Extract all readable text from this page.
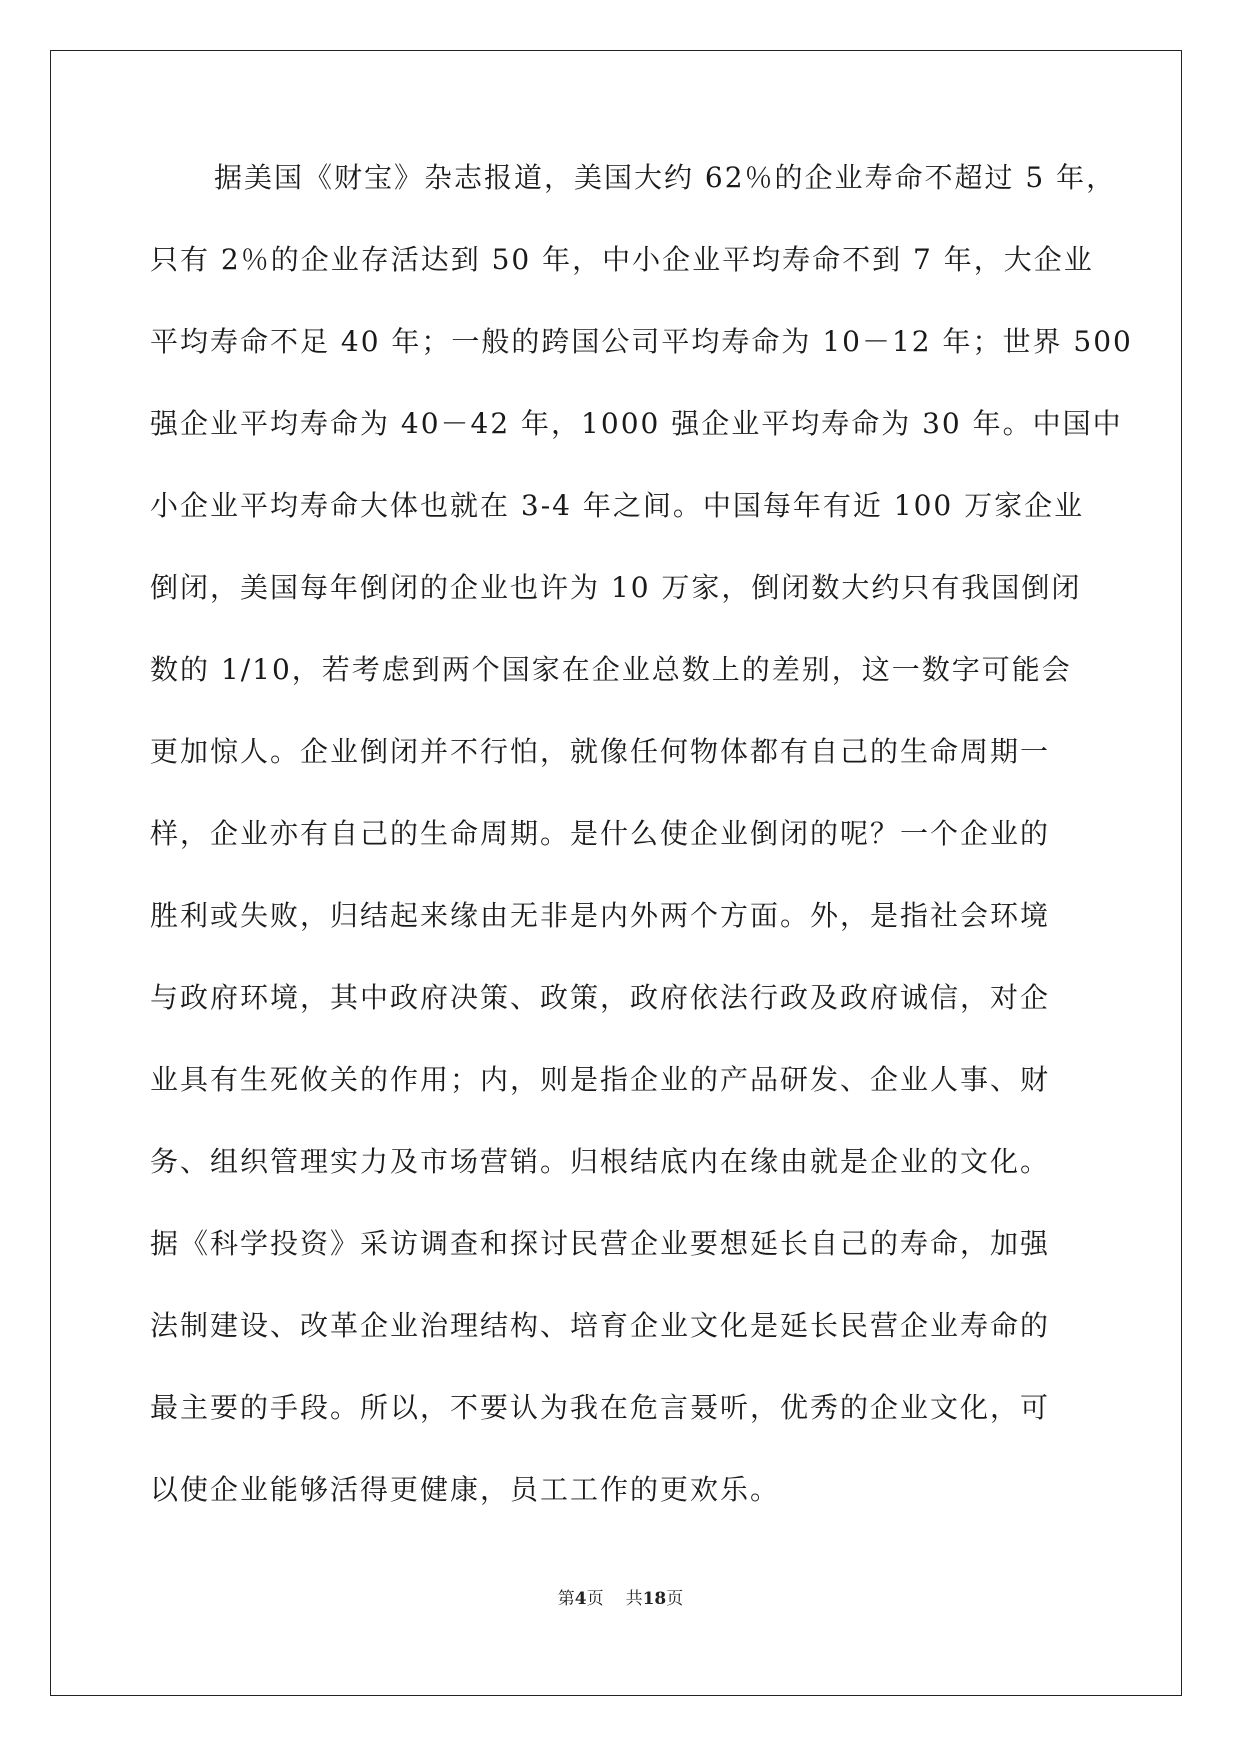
据美国《财宝》杂志报道，美国大约 62％的企业寿命不超过 5 年，
只有 2％的企业存活达到 50 年，中小企业平均寿命不到 7 年，大企业
平均寿命不足 40 年；一般的跨国公司平均寿命为 10－12 年；世界 500
强企业平均寿命为 40－42 年，1000 强企业平均寿命为 30 年。中国中
小企业平均寿命大体也就在 3-4 年之间。中国每年有近 100 万家企业
倒闭，美国每年倒闭的企业也许为 10 万家，倒闭数大约只有我国倒闭
数的 1/10，若考虑到两个国家在企业总数上的差别，这一数字可能会
更加惊人。企业倒闭并不行怕，就像任何物体都有自己的生命周期一
样，企业亦有自己的生命周期。是什么使企业倒闭的呢？一个企业的
胜利或失败，归结起来缘由无非是内外两个方面。外，是指社会环境
与政府环境，其中政府决策、政策，政府依法行政及政府诚信，对企
业具有生死攸关的作用；内，则是指企业的产品研发、企业人事、财
务、组织管理实力及市场营销。归根结底内在缘由就是企业的文化。
据《科学投资》采访调查和探讨民营企业要想延长自己的寿命，加强
法制建设、改革企业治理结构、培育企业文化是延长民营企业寿命的
最主要的手段。所以，不要认为我在危言聂听，优秀的企业文化，可
以使企业能够活得更健康，员工工作的更欢乐。
第4页 共18页
